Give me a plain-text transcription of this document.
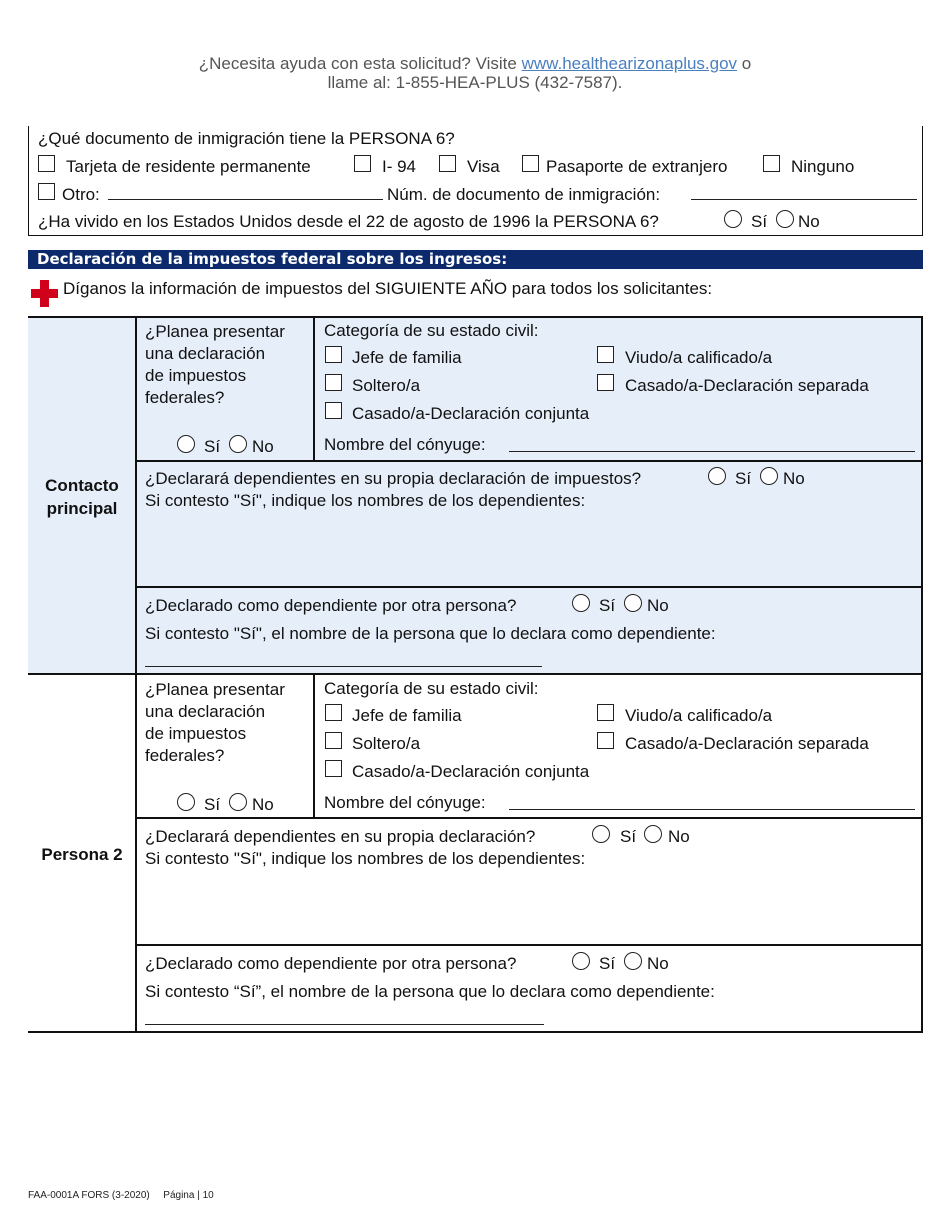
¿Necesita ayuda con esta solicitud? Visite www.healthearizonaplus.gov o
llame al: 1-855-HEA-PLUS (432-7587).
¿Qué documento de inmigración tiene la PERSONA 6?
Tarjeta de residente permanente	I- 94	Visa	Pasaporte de extranjero	Ninguno
Otro:	Núm. de documento de inmigración:
¿Ha vivido en los Estados Unidos desde el 22 de agosto de 1996 la PERSONA 6?	Sí No
Declaración de la impuestos federal sobre los ingresos:
Díganos la información de impuestos del SIGUIENTE AÑO para todos los solicitantes:
Contacto
principal
¿Planea presentar
una declaración
de impuestos
federales?
Sí No
Categoría de su estado civil:
Jefe de familia	Viudo/a calificado/a
Soltero/a	Casado/a-Declaración separada
Casado/a-Declaración conjunta
Nombre del cónyuge:
¿Declarará dependientes en su propia declaración de impuestos?	Sí No
Si contesto "Sí", indique los nombres de los dependientes:
¿Declarado como dependiente por otra persona?	Sí No
Si contesto "Sí", el nombre de la persona que lo declara como dependiente:
Persona 2
¿Planea presentar
una declaración
de impuestos
federales?
Sí No
Categoría de su estado civil:
Jefe de familia	Viudo/a calificado/a
Soltero/a	Casado/a-Declaración separada
Casado/a-Declaración conjunta
Nombre del cónyuge:
¿Declarará dependientes en su propia declaración?	Sí No
Si contesto "Sí", indique los nombres de los dependientes:
¿Declarado como dependiente por otra persona?	Sí No
Si contesto “Sí”, el nombre de la persona que lo declara como dependiente:
FAA-0001A FORS (3-2020) Página | 10
